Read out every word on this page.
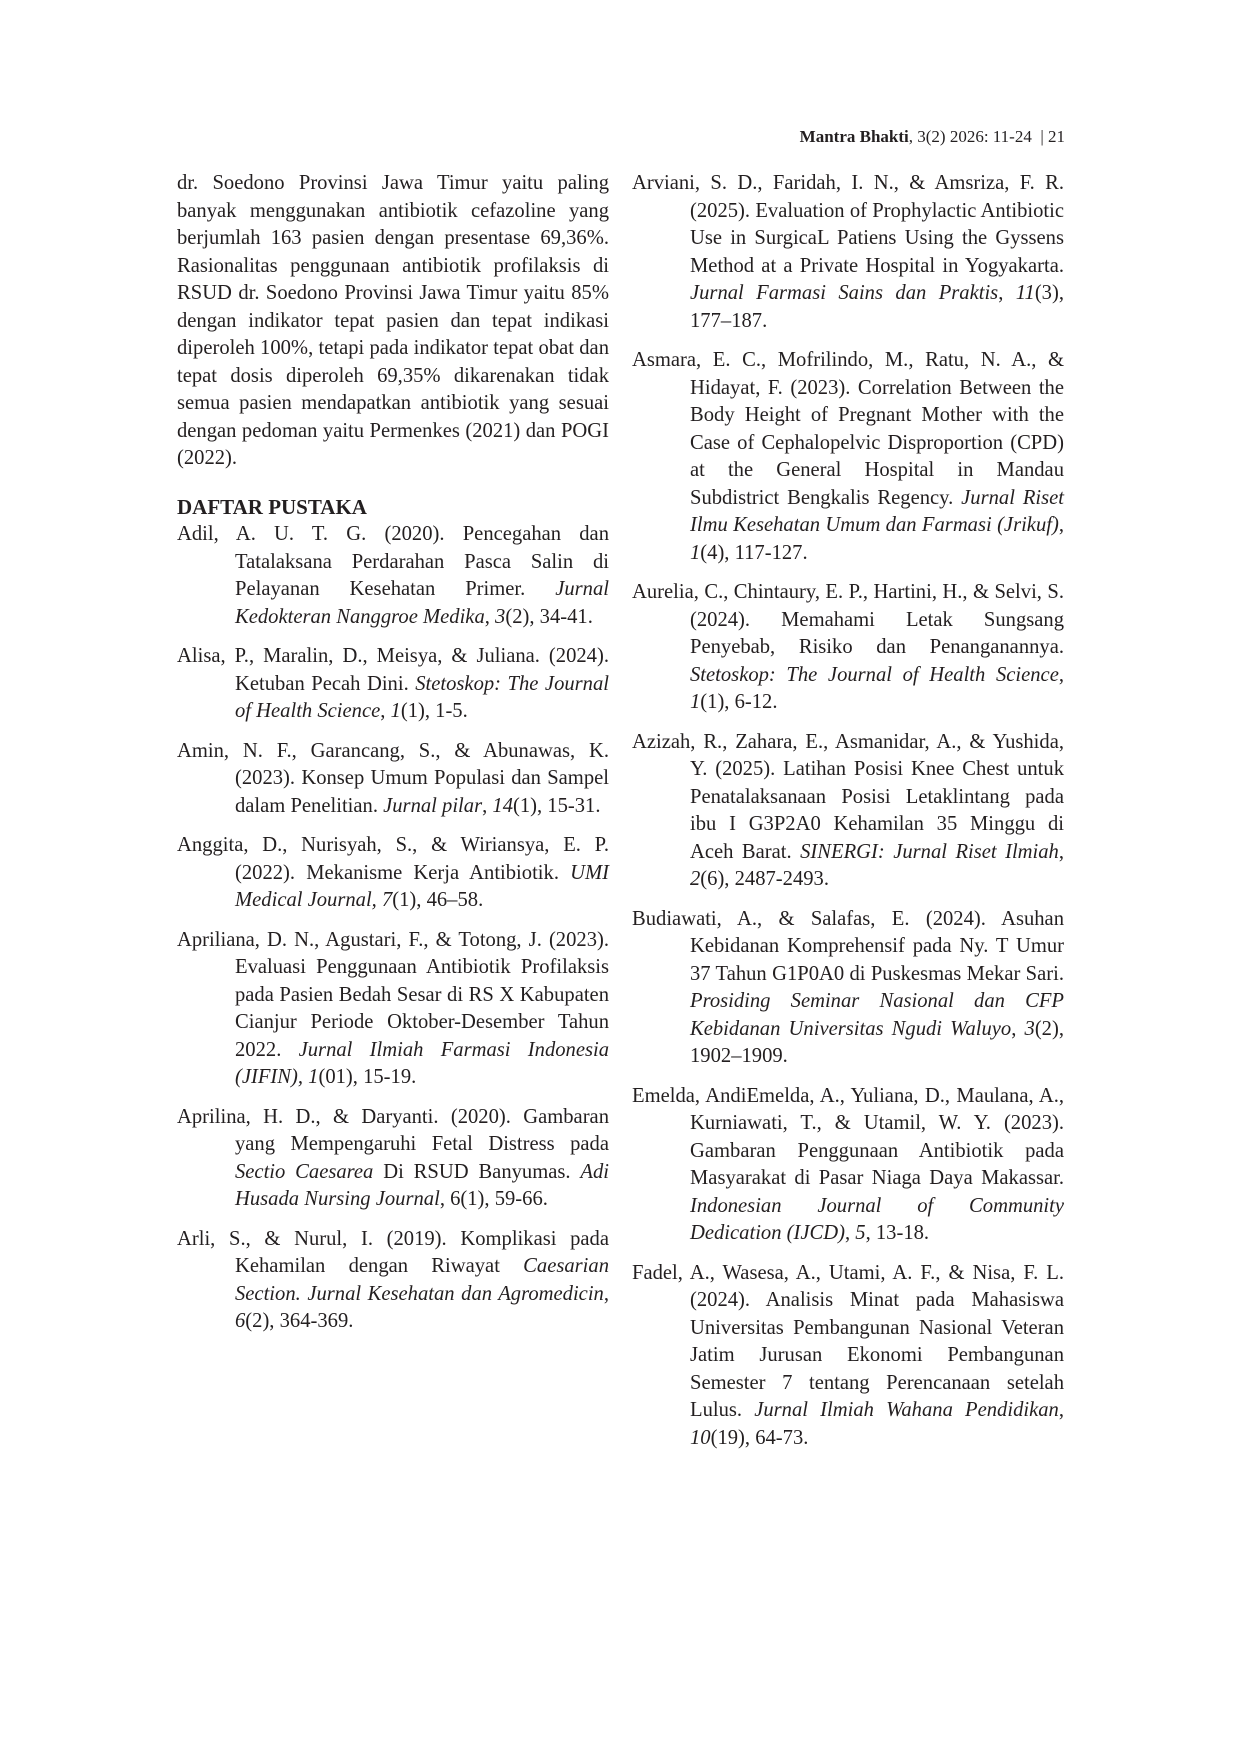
Mantra Bhakti, 3(2) 2026: 11-24  | 21

dr. Soedono Provinsi Jawa Timur yaitu paling banyak menggunakan antibiotik cefazoline yang berjumlah 163 pasien dengan presentase 69,36%. Rasionalitas penggunaan antibiotik profilaksis di RSUD dr. Soedono Provinsi Jawa Timur yaitu 85% dengan indikator tepat pasien dan tepat indikasi diperoleh 100%, tetapi pada indikator tepat obat dan tepat dosis diperoleh 69,35% dikarenakan tidak semua pasien mendapatkan antibiotik yang sesuai dengan pedoman yaitu Permenkes (2021) dan POGI (2022).

DAFTAR PUSTAKA

Adil, A. U. T. G. (2020). Pencegahan dan Tatalaksana Perdarahan Pasca Salin di Pelayanan Kesehatan Primer. Jurnal Kedokteran Nanggroe Medika, 3(2), 34-41.

Alisa, P., Maralin, D., Meisya, & Juliana. (2024). Ketuban Pecah Dini. Stetoskop: The Journal of Health Science, 1(1), 1-5.

Amin, N. F., Garancang, S., & Abunawas, K. (2023). Konsep Umum Populasi dan Sampel dalam Penelitian. Jurnal pilar, 14(1), 15-31.

Anggita, D., Nurisyah, S., & Wiriansya, E. P. (2022). Mekanisme Kerja Antibiotik. UMI Medical Journal, 7(1), 46–58.

Apriliana, D. N., Agustari, F., & Totong, J. (2023). Evaluasi Penggunaan Antibiotik Profilaksis pada Pasien Bedah Sesar di RS X Kabupaten Cianjur Periode Oktober-Desember Tahun 2022. Jurnal Ilmiah Farmasi Indonesia (JIFIN), 1(01), 15-19.

Aprilina, H. D., & Daryanti. (2020). Gambaran yang Mempengaruhi Fetal Distress pada Sectio Caesarea Di RSUD Banyumas. Adi Husada Nursing Journal, 6(1), 59-66.

Arli, S., & Nurul, I. (2019). Komplikasi pada Kehamilan dengan Riwayat Caesarian Section. Jurnal Kesehatan dan Agromedicin, 6(2), 364-369.

Arviani, S. D., Faridah, I. N., & Amsriza, F. R. (2025). Evaluation of Prophylactic Antibiotic Use in SurgicaL Patiens Using the Gyssens Method at a Private Hospital in Yogyakarta. Jurnal Farmasi Sains dan Praktis, 11(3), 177–187.

Asmara, E. C., Mofrilindo, M., Ratu, N. A., & Hidayat, F. (2023). Correlation Between the Body Height of Pregnant Mother with the Case of Cephalopelvic Disproportion (CPD) at the General Hospital in Mandau Subdistrict Bengkalis Regency. Jurnal Riset Ilmu Kesehatan Umum dan Farmasi (Jrikuf), 1(4), 117-127.

Aurelia, C., Chintaury, E. P., Hartini, H., & Selvi, S. (2024). Memahami Letak Sungsang Penyebab, Risiko dan Penanganannya. Stetoskop: The Journal of Health Science, 1(1), 6-12.

Azizah, R., Zahara, E., Asmanidar, A., & Yushida, Y. (2025). Latihan Posisi Knee Chest untuk Penatalaksanaan Posisi Letaklintang pada ibu I G3P2A0 Kehamilan 35 Minggu di Aceh Barat. SINERGI: Jurnal Riset Ilmiah, 2(6), 2487-2493.

Budiawati, A., & Salafas, E. (2024). Asuhan Kebidanan Komprehensif pada Ny. T Umur 37 Tahun G1P0A0 di Puskesmas Mekar Sari. Prosiding Seminar Nasional dan CFP Kebidanan Universitas Ngudi Waluyo, 3(2), 1902–1909.

Emelda, AndiEmelda, A., Yuliana, D., Maulana, A., Kurniawati, T., & Utamil, W. Y. (2023). Gambaran Penggunaan Antibiotik pada Masyarakat di Pasar Niaga Daya Makassar. Indonesian Journal of Community Dedication (IJCD), 5, 13-18.

Fadel, A., Wasesa, A., Utami, A. F., & Nisa, F. L. (2024). Analisis Minat pada Mahasiswa Universitas Pembangunan Nasional Veteran Jatim Jurusan Ekonomi Pembangunan Semester 7 tentang Perencanaan setelah Lulus. Jurnal Ilmiah Wahana Pendidikan, 10(19), 64-73.
